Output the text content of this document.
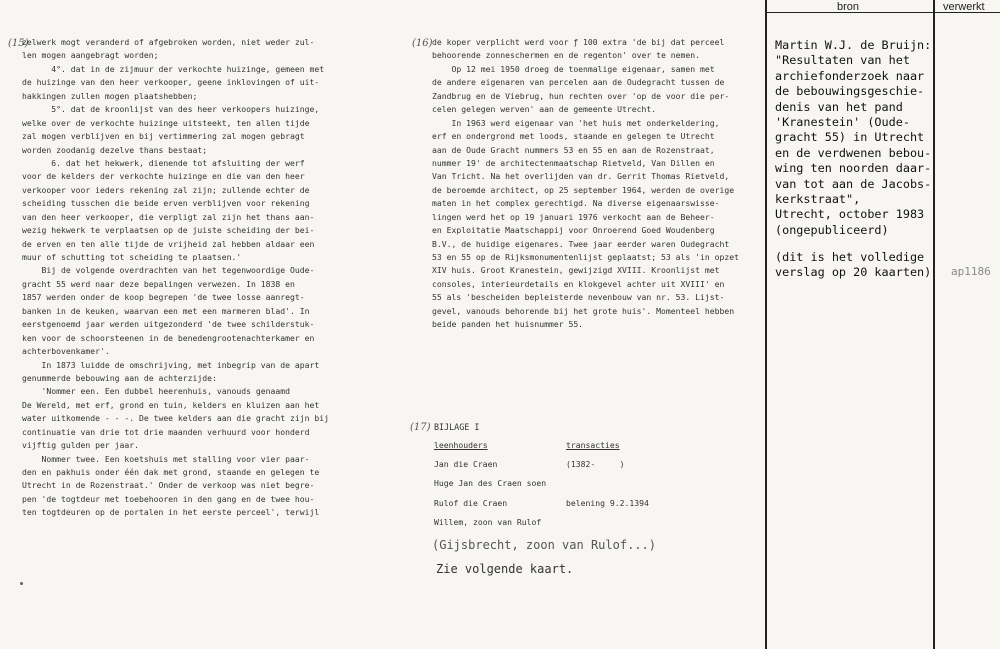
(15)
zelwerk mogt veranderd of afgebroken worden, niet weder zul-
len mogen aangebragt worden;
4°. dat in de zijmuur der verkochte huizinge, gemeen met
de huizinge van den heer verkooper, geene inklovingen of uit-
hakkingen zullen mogen plaatshebben;
5°. dat de kroonlijst van des heer verkoopers huizinge,
welke over de verkochte huizinge uitsteekt, ten allen tijde
zal mogen verblijven en bij vertimmering zal mogen gebragt
worden zoodanig dezelve thans bestaat;
6. dat het hekwerk, dienende tot afsluiting der werf
voor de kelders der verkochte huizinge en die van den heer
verkooper voor ieders rekening zal zijn; zullende echter de
scheiding tusschen die beide erven verblijven voor rekening
van den heer verkooper, die verpligt zal zijn het thans aan-
wezig hekwerk te verplaatsen op de juiste scheiding der bei-
de erven en ten alle tijde de vrijheid zal hebben aldaar een
muur of schutting tot scheiding te plaatsen.'
Bij de volgende overdrachten van het tegenwoordige Oude-
gracht 55 werd naar deze bepalingen verwezen. In 1838 en
1857 werden onder de koop begrepen 'de twee losse aanregt-
banken in de keuken, waarvan een met een marmeren blad'. In
eerstgenoemd jaar werden uitgezonderd 'de twee schilderstuk-
ken voor de schoorsteenen in de benedengrootenachterkamer en
achterbovenkamer'.
In 1873 luidde de omschrijving, met inbegrip van de apart
genummerde bebouwing aan de achterzijde:
'Nommer een. Een dubbel heerenhuis, vanouds genaamd
De Wereld, met erf, grond en tuin, kelders en kluizen aan het
water uitkomende - - -. De twee kelders aan die gracht zijn bij
continuatie van drie tot drie maanden verhuurd voor honderd
vijftig gulden per jaar.
Nommer twee. Een koetshuis met stalling voor vier paar-
den en pakhuis onder één dak met grond, staande en gelegen te
Utrecht in de Rozenstraat.' Onder de verkoop was niet begre-
pen 'de togtdeur met toebehooren in den gang en de twee hou-
ten togtdeuren op de portalen in het eerste perceel', terwijl
(16) de koper verplicht werd voor ƒ 100 extra 'de bij dat perceel
behoorende zonneschermen en de regenton' over te nemen.
Op 12 mei 1950 droeg de toenmalige eigenaar, samen met
de andere eigenaren van percelen aan de Oudegracht tussen de
Zandbrug en de Viebrug, hun rechten over 'op de voor die per-
celen gelegen werven' aan de gemeente Utrecht.
In 1963 werd eigenaar van 'het huis met onderkeldering,
erf en ondergrond met loods, staande en gelegen te Utrecht
aan de Oude Gracht nummers 53 en 55 en aan de Rozenstraat,
nummer 19' de architectenmaatschap Rietveld, Van Dillen en
Van Tricht. Na het overlijden van dr. Gerrit Thomas Rietveld,
de beroemde architect, op 25 september 1964, werden de overige
maten in het complex gerechtigd. Na diverse eigenaarswisse-
lingen werd het op 19 januari 1976 verkocht aan de Beheer-
en Exploitatie Maatschappij voor Onroerend Goed Woudenberg
B.V., de huidige eigenares. Twee jaar eerder waren Oudegracht
53 en 55 op de Rijksmonumentenlijst geplaatst; 53 als 'in opzet
XIV huis. Groot Kranestein, gewijzigd XVIII. Kroonlijst met
consoles, interieurdetails en klokgevel achter uit XVIII' en
55 als 'bescheiden bepleisterde nevenbouw van nr. 53. Lijst-
gevel, vanouds behorende bij het grote huis'. Momenteel hebben
beide panden het huisnummer 55.
(17) BIJLAGE I
leenhouders	transacties
Jan die Craen	(1382-     )
Huge Jan des Craen soen
Rulof die Craen	belening 9.2.1394
Willem, zoon van Rulof
(Gijsbrecht, zoon van Rulof...)
Zie volgende kaart.
bron	verwerkt
Martin W.J. de Bruijn:
"Resultaten van het
archiefonderzoek naar
de bebouwingsgeschie-
denis van het pand
'Kranestein' (Oude-
gracht 55) in Utrecht
en de verdwenen bebou-
wing ten noorden daar-
van tot aan de Jacobs-
kerkstraat",
Utrecht, october 1983
(ongepubliceerd)
(dit is het volledige
verslag op 20 kaarten)	ap1186
